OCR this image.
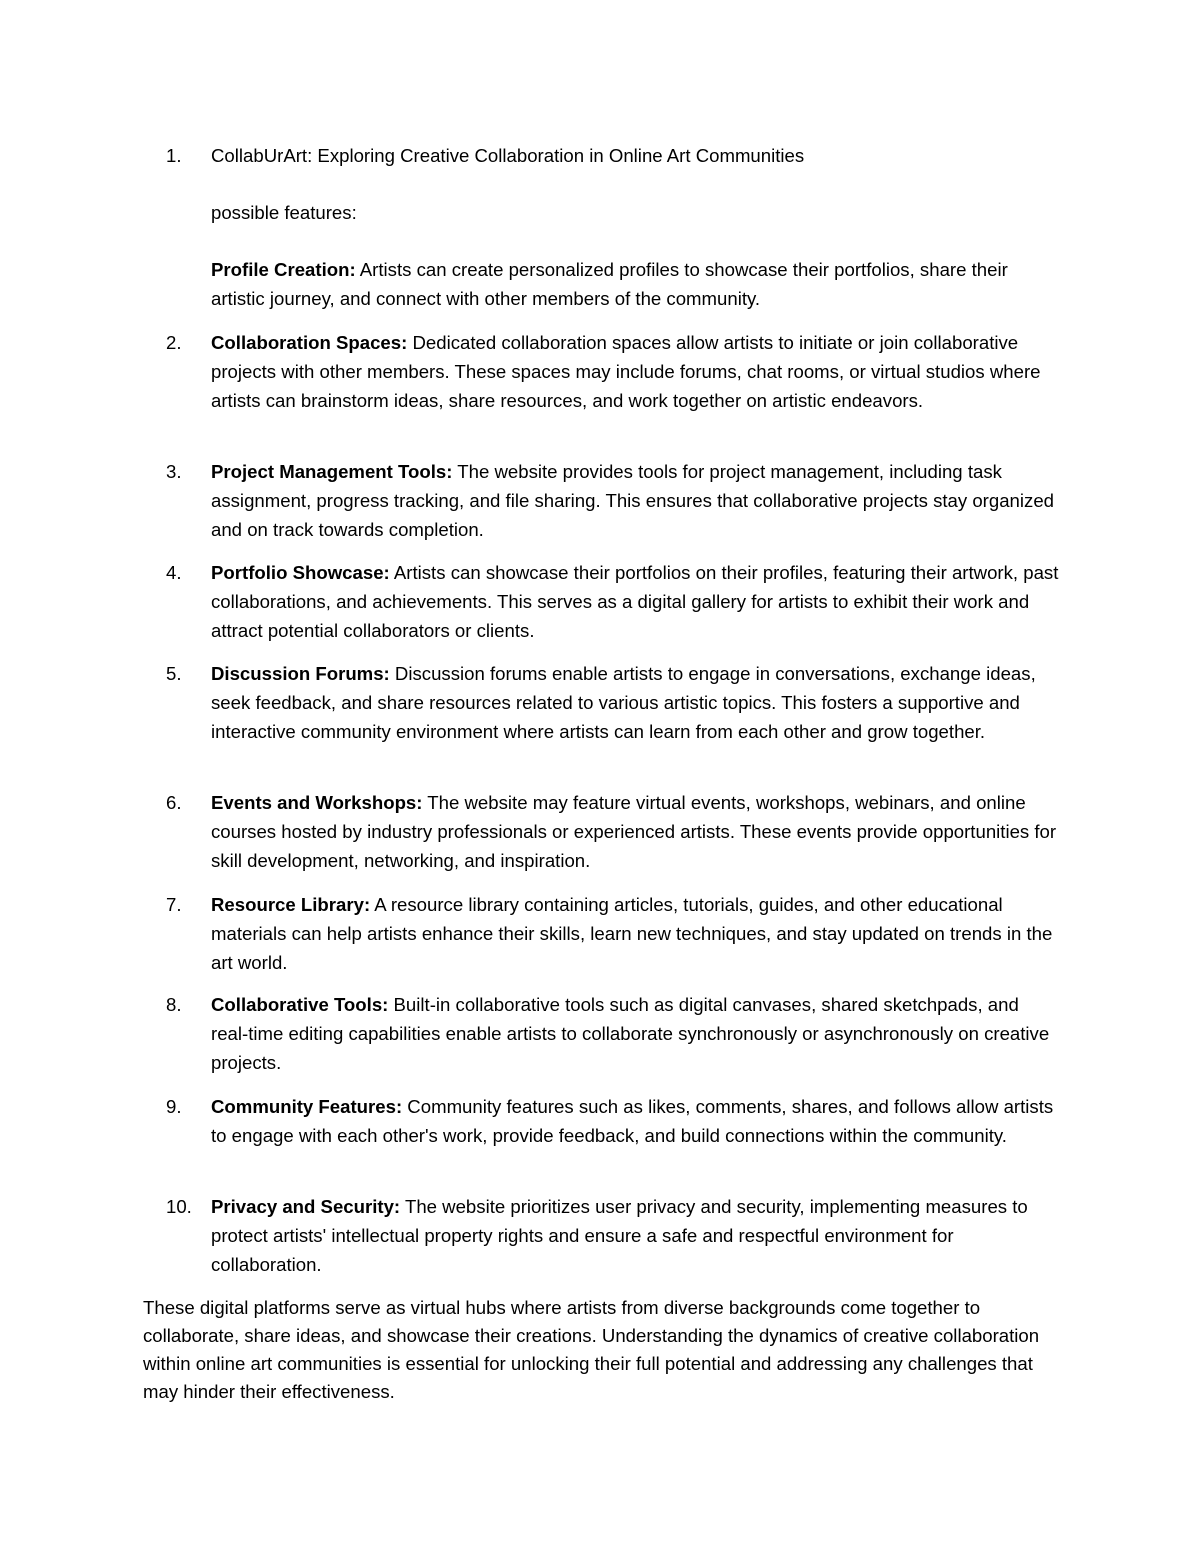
1.	CollabUrArt: Exploring Creative Collaboration in Online Art Communities
possible features:
Profile Creation: Artists can create personalized profiles to showcase their portfolios, share their artistic journey, and connect with other members of the community.
2.	Collaboration Spaces: Dedicated collaboration spaces allow artists to initiate or join collaborative projects with other members. These spaces may include forums, chat rooms, or virtual studios where artists can brainstorm ideas, share resources, and work together on artistic endeavors.
3.	Project Management Tools: The website provides tools for project management, including task assignment, progress tracking, and file sharing. This ensures that collaborative projects stay organized and on track towards completion.
4.	Portfolio Showcase: Artists can showcase their portfolios on their profiles, featuring their artwork, past collaborations, and achievements. This serves as a digital gallery for artists to exhibit their work and attract potential collaborators or clients.
5.	Discussion Forums: Discussion forums enable artists to engage in conversations, exchange ideas, seek feedback, and share resources related to various artistic topics. This fosters a supportive and interactive community environment where artists can learn from each other and grow together.
6.	Events and Workshops: The website may feature virtual events, workshops, webinars, and online courses hosted by industry professionals or experienced artists. These events provide opportunities for skill development, networking, and inspiration.
7.	Resource Library: A resource library containing articles, tutorials, guides, and other educational materials can help artists enhance their skills, learn new techniques, and stay updated on trends in the art world.
8.	Collaborative Tools: Built-in collaborative tools such as digital canvases, shared sketchpads, and real-time editing capabilities enable artists to collaborate synchronously or asynchronously on creative projects.
9.	Community Features: Community features such as likes, comments, shares, and follows allow artists to engage with each other's work, provide feedback, and build connections within the community.
10.	Privacy and Security: The website prioritizes user privacy and security, implementing measures to protect artists' intellectual property rights and ensure a safe and respectful environment for collaboration.
These digital platforms serve as virtual hubs where artists from diverse backgrounds come together to collaborate, share ideas, and showcase their creations. Understanding the dynamics of creative collaboration within online art communities is essential for unlocking their full potential and addressing any challenges that may hinder their effectiveness.
